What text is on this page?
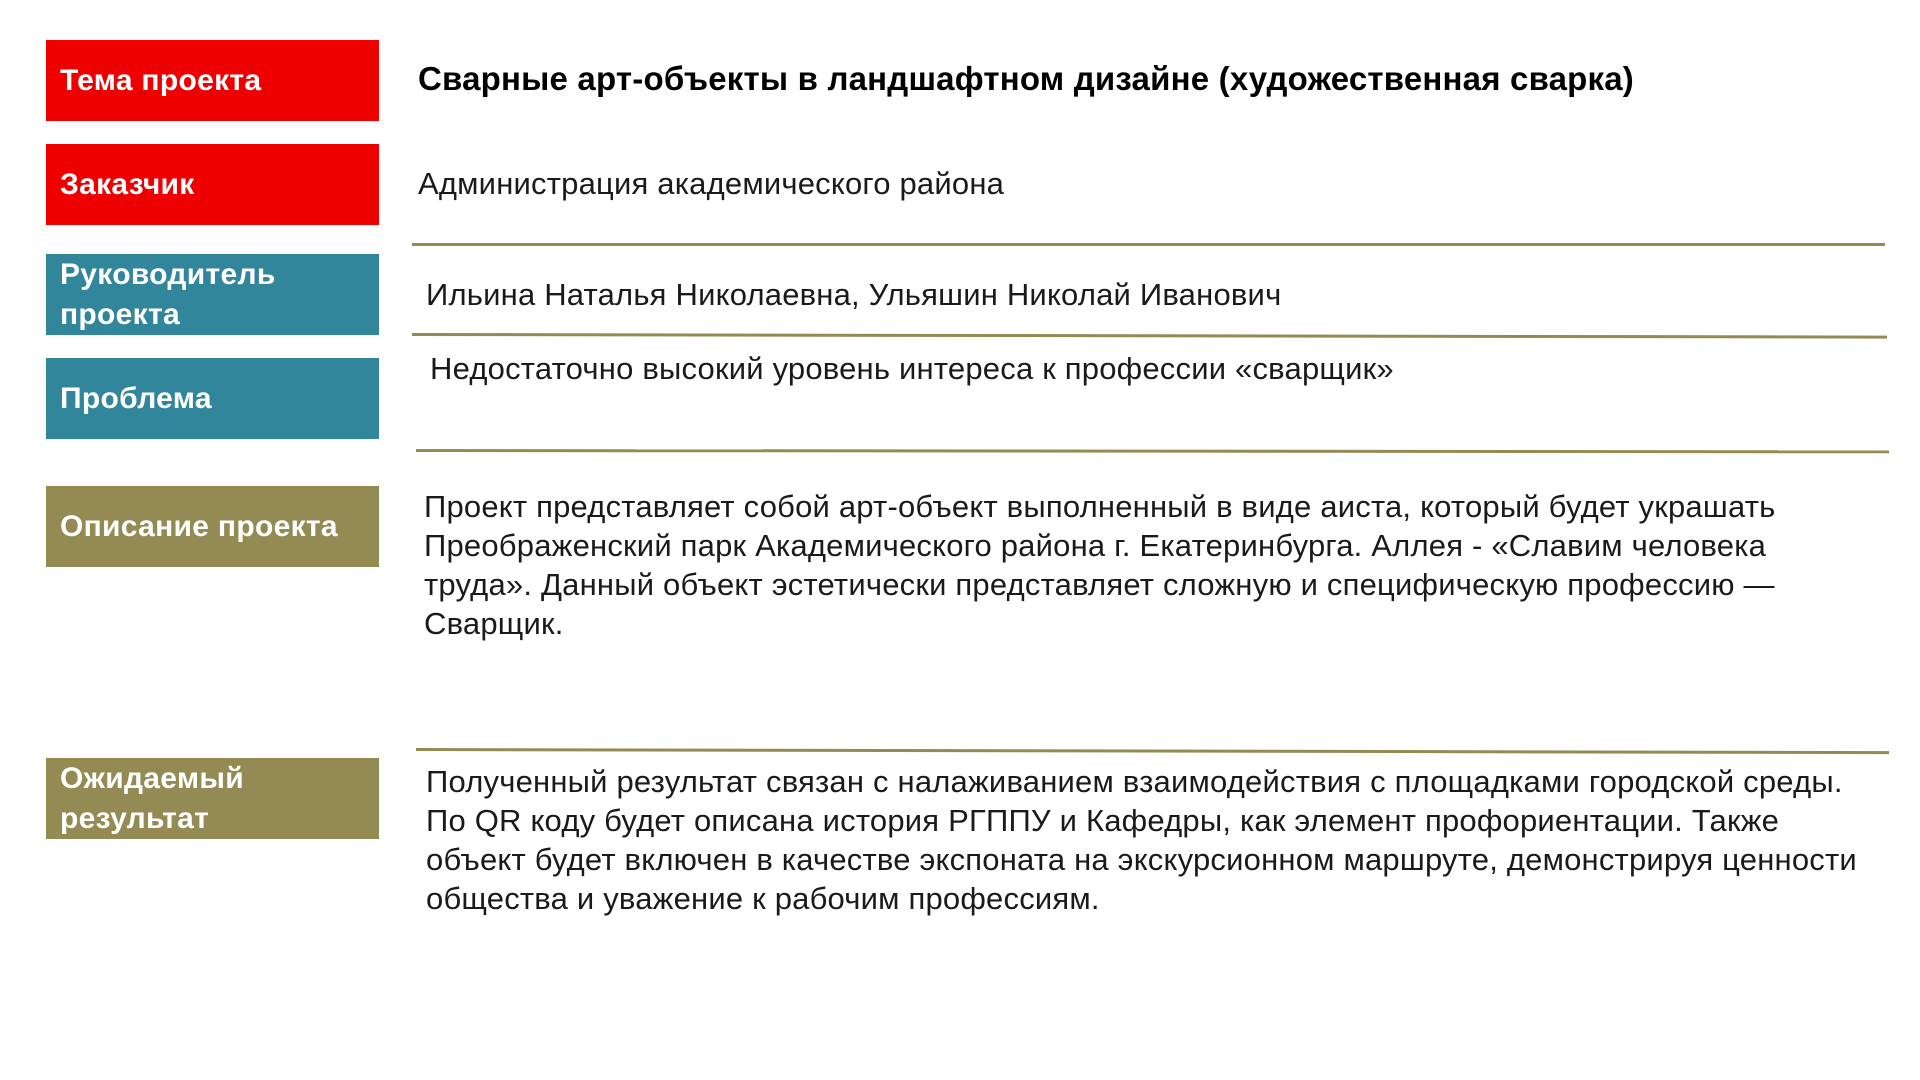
Тема проекта	Сварные арт-объекты в ландшафтном дизайне (художественная сварка)
Заказчик	Администрация академического района
Руководитель проекта
Ильина Наталья Николаевна, Ульяшин Николай Иванович
Проблема
Недостаточно высокий уровень интереса к профессии «сварщик»
Описание проекта
Проект представляет собой арт-объект выполненный в виде аиста, который будет украшать Преображенский парк Академического района г. Екатеринбурга. Аллея - «Славим человека труда». Данный объект эстетически представляет сложную и специфическую профессию — Сварщик.
Ожидаемый результат
Полученный результат связан с налаживанием взаимодействия с площадками городской среды. По QR коду будет описана история РГППУ и Кафедры, как элемент профориентации. Также объект будет включен в качестве экспоната на экскурсионном маршруте, демонстрируя ценности общества и уважение к рабочим профессиям.
